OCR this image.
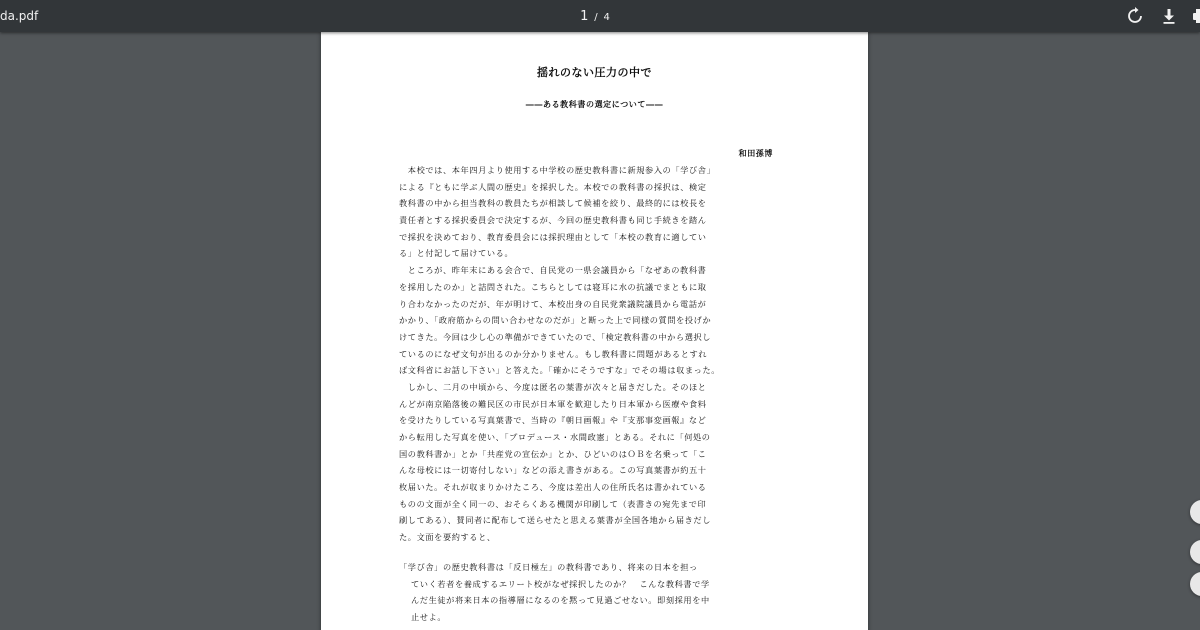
da.pdf	1 / 4
揺れのない圧力の中で
――ある教科書の選定について――
和田孫博
　本校では、本年四月より使用する中学校の歴史教科書に新規参入の「学び舎」
による『ともに学ぶ人間の歴史』を採択した。本校での教科書の採択は、検定
教科書の中から担当教科の教員たちが相談して候補を絞り、最終的には校長を
責任者とする採択委員会で決定するが、今回の歴史教科書も同じ手続きを踏ん
で採択を決めており、教育委員会には採択理由として「本校の教育に適してい
る」と付記して届けている。
　ところが、昨年末にある会合で、自民党の一県会議員から「なぜあの教科書
を採用したのか」と詰問された。こちらとしては寝耳に水の抗議でまともに取
り合わなかったのだが、年が明けて、本校出身の自民党衆議院議員から電話が
かかり、「政府筋からの問い合わせなのだが」と断った上で同様の質問を投げか
けてきた。今回は少し心の準備ができていたので、「検定教科書の中から選択し
ているのになぜ文句が出るのか分かりません。もし教科書に問題があるとすれ
ば文科省にお話し下さい」と答えた。「確かにそうですな」でその場は収まった。
　しかし、二月の中頃から、今度は匿名の葉書が次々と届きだした。そのほと
んどが南京陥落後の難民区の市民が日本軍を歓迎したり日本軍から医療や食料
を受けたりしている写真葉書で、当時の『朝日画報』や『支那事変画報』など
から転用した写真を使い、「プロデュース・水間政憲」とある。それに「何処の
国の教科書か」とか「共産党の宣伝か」とか、ひどいのはＯＢを名乗って「こ
んな母校には一切寄付しない」などの添え書きがある。この写真葉書が約五十
枚届いた。それが収まりかけたころ、今度は差出人の住所氏名は書かれている
ものの文面が全く同一の、おそらくある機関が印刷して（表書きの宛先まで印
刷してある）、賛同者に配布して送らせたと思える葉書が全国各地から届きだし
た。文面を要約すると、
「学び舎」の歴史教科書は「反日極左」の教科書であり、将来の日本を担っ
ていく若者を養成するエリート校がなぜ採択したのか？　こんな教科書で学
んだ生徒が将来日本の指導層になるのを黙って見過ごせない。即刻採用を中
止せよ。
